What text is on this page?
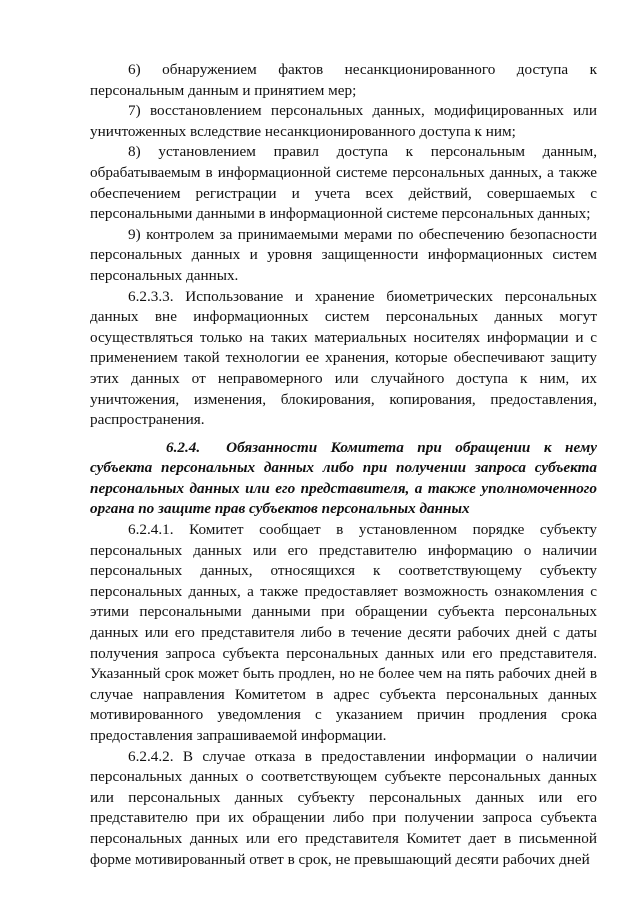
6) обнаружением фактов несанкционированного доступа к персональным данным и принятием мер;

7) восстановлением персональных данных, модифицированных или уничтоженных вследствие несанкционированного доступа к ним;

8) установлением правил доступа к персональным данным, обрабатываемым в информационной системе персональных данных, а также обеспечением регистрации и учета всех действий, совершаемых с персональными данными в информационной системе персональных данных;

9) контролем за принимаемыми мерами по обеспечению безопасности персональных данных и уровня защищенности информационных систем персональных данных.

6.2.3.3. Использование и хранение биометрических персональных данных вне информационных систем персональных данных могут осуществляться только на таких материальных носителях информации и с применением такой технологии ее хранения, которые обеспечивают защиту этих данных от неправомерного или случайного доступа к ним, их уничтожения, изменения, блокирования, копирования, предоставления, распространения.

6.2.4. Обязанности Комитета при обращении к нему субъекта персональных данных либо при получении запроса субъекта персональных данных или его представителя, а также уполномоченного органа по защите прав субъектов персональных данных

6.2.4.1. Комитет сообщает в установленном порядке субъекту персональных данных или его представителю информацию о наличии персональных данных, относящихся к соответствующему субъекту персональных данных, а также предоставляет возможность ознакомления с этими персональными данными при обращении субъекта персональных данных или его представителя либо в течение десяти рабочих дней с даты получения запроса субъекта персональных данных или его представителя. Указанный срок может быть продлен, но не более чем на пять рабочих дней в случае направления Комитетом в адрес субъекта персональных данных мотивированного уведомления с указанием причин продления срока предоставления запрашиваемой информации.

6.2.4.2. В случае отказа в предоставлении информации о наличии персональных данных о соответствующем субъекте персональных данных или персональных данных субъекту персональных данных или его представителю при их обращении либо при получении запроса субъекта персональных данных или его представителя Комитет дает в письменной форме мотивированный ответ в срок, не превышающий десяти рабочих дней
